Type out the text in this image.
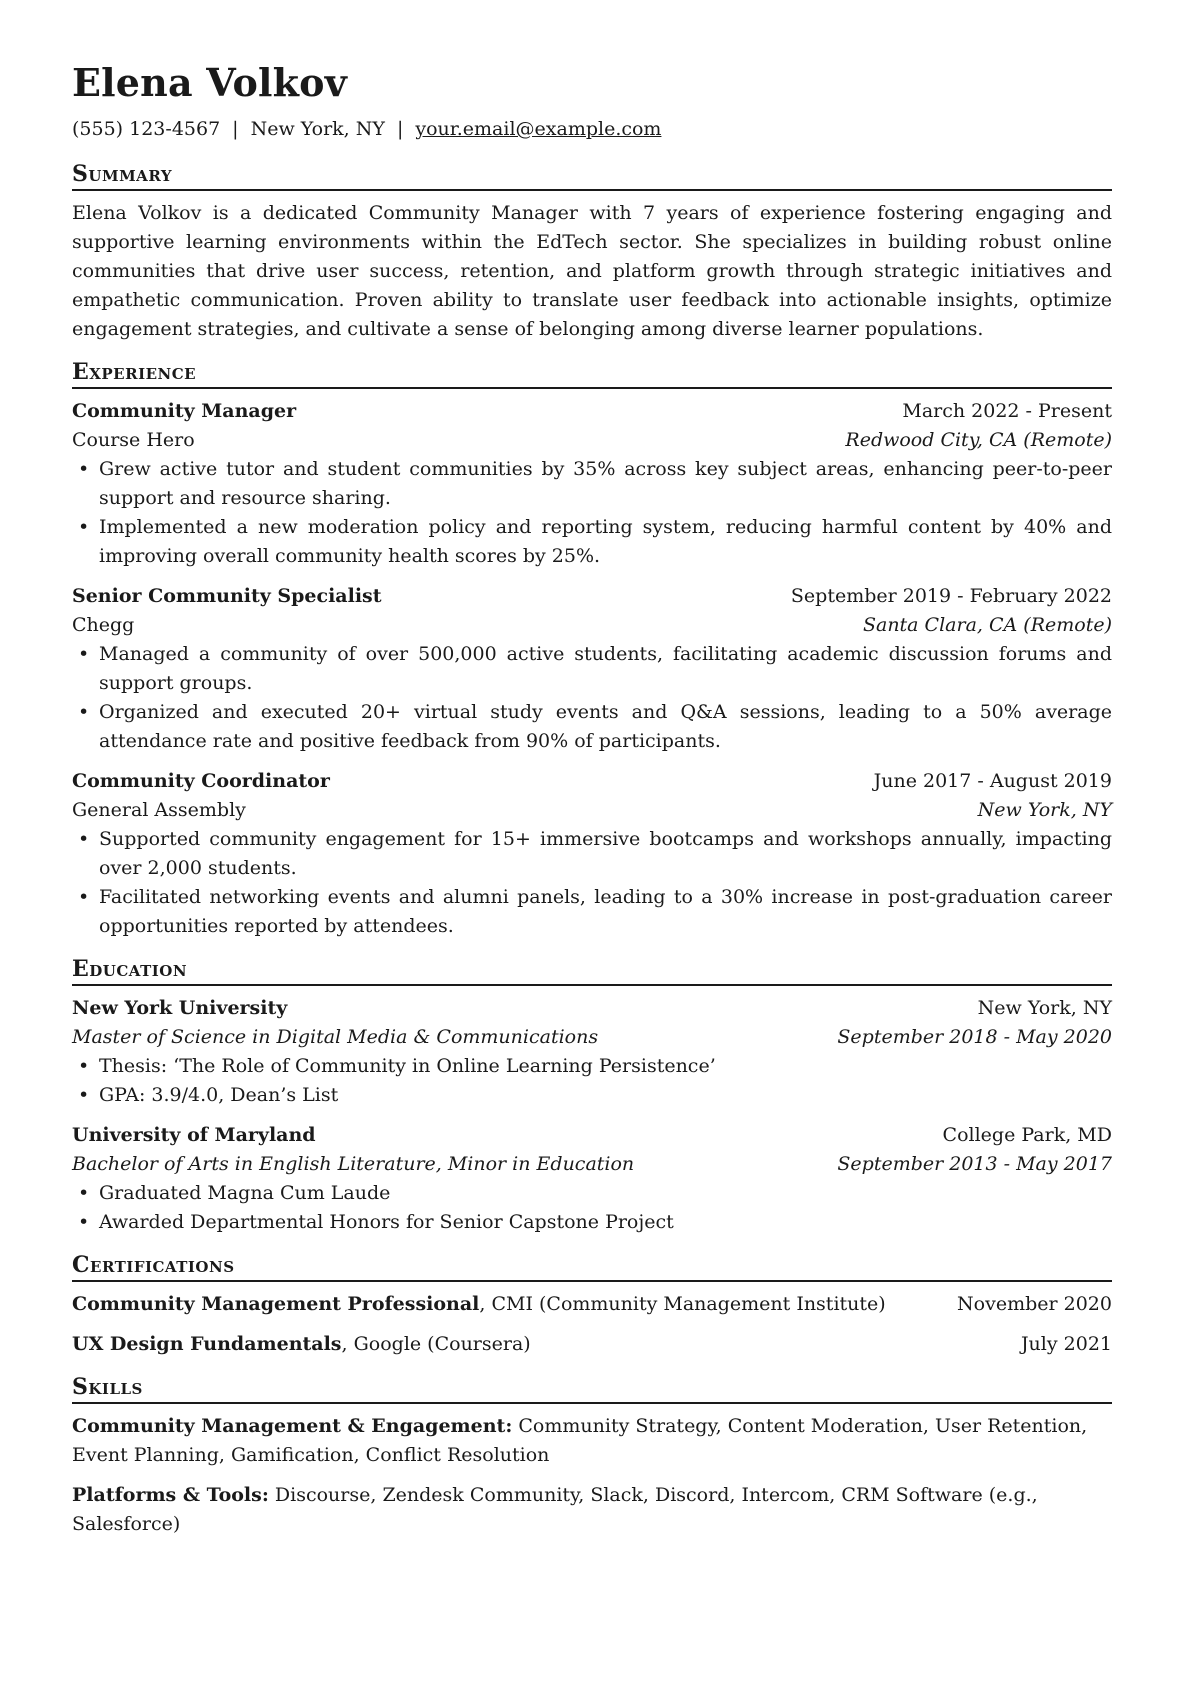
Elena Volkov
(555) 123-4567 | New York, NY | your.email@example.com
Summary

Elena Volkov is a dedicated Community Manager with 7 years of experience fostering engaging and supportive learning environments within the EdTech sector. She specializes in building robust online communities that drive user success, retention, and platform growth through strategic initiatives and empathetic communication. Proven ability to translate user feedback into actionable insights, optimize engagement strategies, and cultivate a sense of belonging among diverse learner populations.

Experience
Community Manager	March 2022 - Present
Course Hero	Redwood City, CA (Remote)
• Grew active tutor and student communities by 35% across key subject areas, enhancing peer-to-peer support and resource sharing.
• Implemented a new moderation policy and reporting system, reducing harmful content by 40% and improving overall community health scores by 25%.
Senior Community Specialist	September 2019 - February 2022
Chegg	Santa Clara, CA (Remote)
• Managed a community of over 500,000 active students, facilitating academic discussion forums and support groups.
• Organized and executed 20+ virtual study events and Q&A sessions, leading to a 50% average attendance rate and positive feedback from 90% of participants.
Community Coordinator	June 2017 - August 2019
General Assembly	New York, NY
• Supported community engagement for 15+ immersive bootcamps and workshops annually, impacting over 2,000 students.
• Facilitated networking events and alumni panels, leading to a 30% increase in post-graduation career opportunities reported by attendees.
Education
New York University	New York, NY
Master of Science in Digital Media & Communications	September 2018 - May 2020
• Thesis: ‘The Role of Community in Online Learning Persistence’
• GPA: 3.9/4.0, Dean’s List
University of Maryland	College Park, MD
Bachelor of Arts in English Literature, Minor in Education	September 2013 - May 2017
• Graduated Magna Cum Laude
• Awarded Departmental Honors for Senior Capstone Project
Certifications
Community Management Professional, CMI (Community Management Institute)	November 2020
UX Design Fundamentals, Google (Coursera)	July 2021
Skills

Community Management & Engagement: Community Strategy, Content Moderation, User Retention, Event Planning, Gamification, Conflict Resolution

Platforms & Tools: Discourse, Zendesk Community, Slack, Discord, Intercom, CRM Software (e.g., Salesforce)
